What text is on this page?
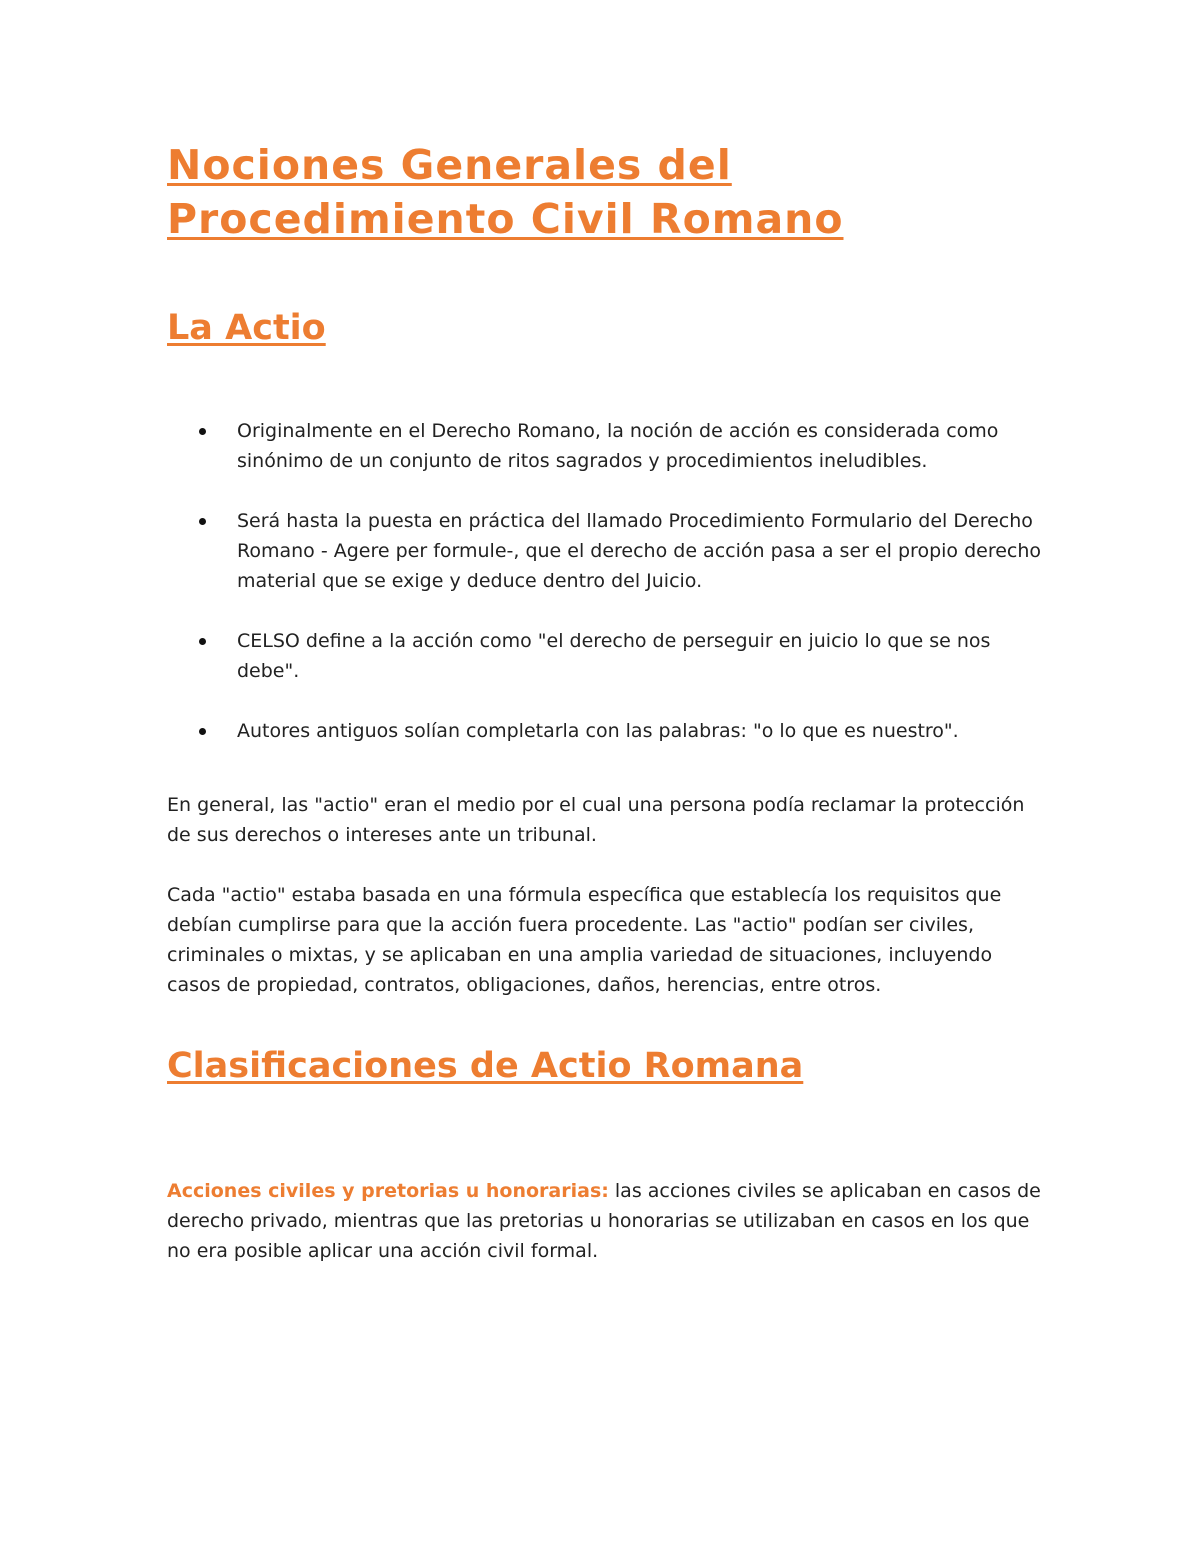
Nociones Generales del Procedimiento Civil Romano
La Actio
Originalmente en el Derecho Romano, la noción de acción es considerada como sinónimo de un conjunto de ritos sagrados y procedimientos ineludibles.
Será hasta la puesta en práctica del llamado Procedimiento Formulario del Derecho Romano - Agere per formule-, que el derecho de acción pasa a ser el propio derecho material que se exige y deduce dentro del Juicio.
CELSO define a la acción como "el derecho de perseguir en juicio lo que se nos debe".
Autores antiguos solían completarla con las palabras: "o lo que es nuestro".

En general, las "actio" eran el medio por el cual una persona podía reclamar la protección de sus derechos o intereses ante un tribunal.

Cada "actio" estaba basada en una fórmula específica que establecía los requisitos que debían cumplirse para que la acción fuera procedente. Las "actio" podían ser civiles, criminales o mixtas, y se aplicaban en una amplia variedad de situaciones, incluyendo casos de propiedad, contratos, obligaciones, daños, herencias, entre otros.

Clasificaciones de Actio Romana

Acciones civiles y pretorias u honorarias: las acciones civiles se aplicaban en casos de derecho privado, mientras que las pretorias u honorarias se utilizaban en casos en los que no era posible aplicar una acción civil formal.
